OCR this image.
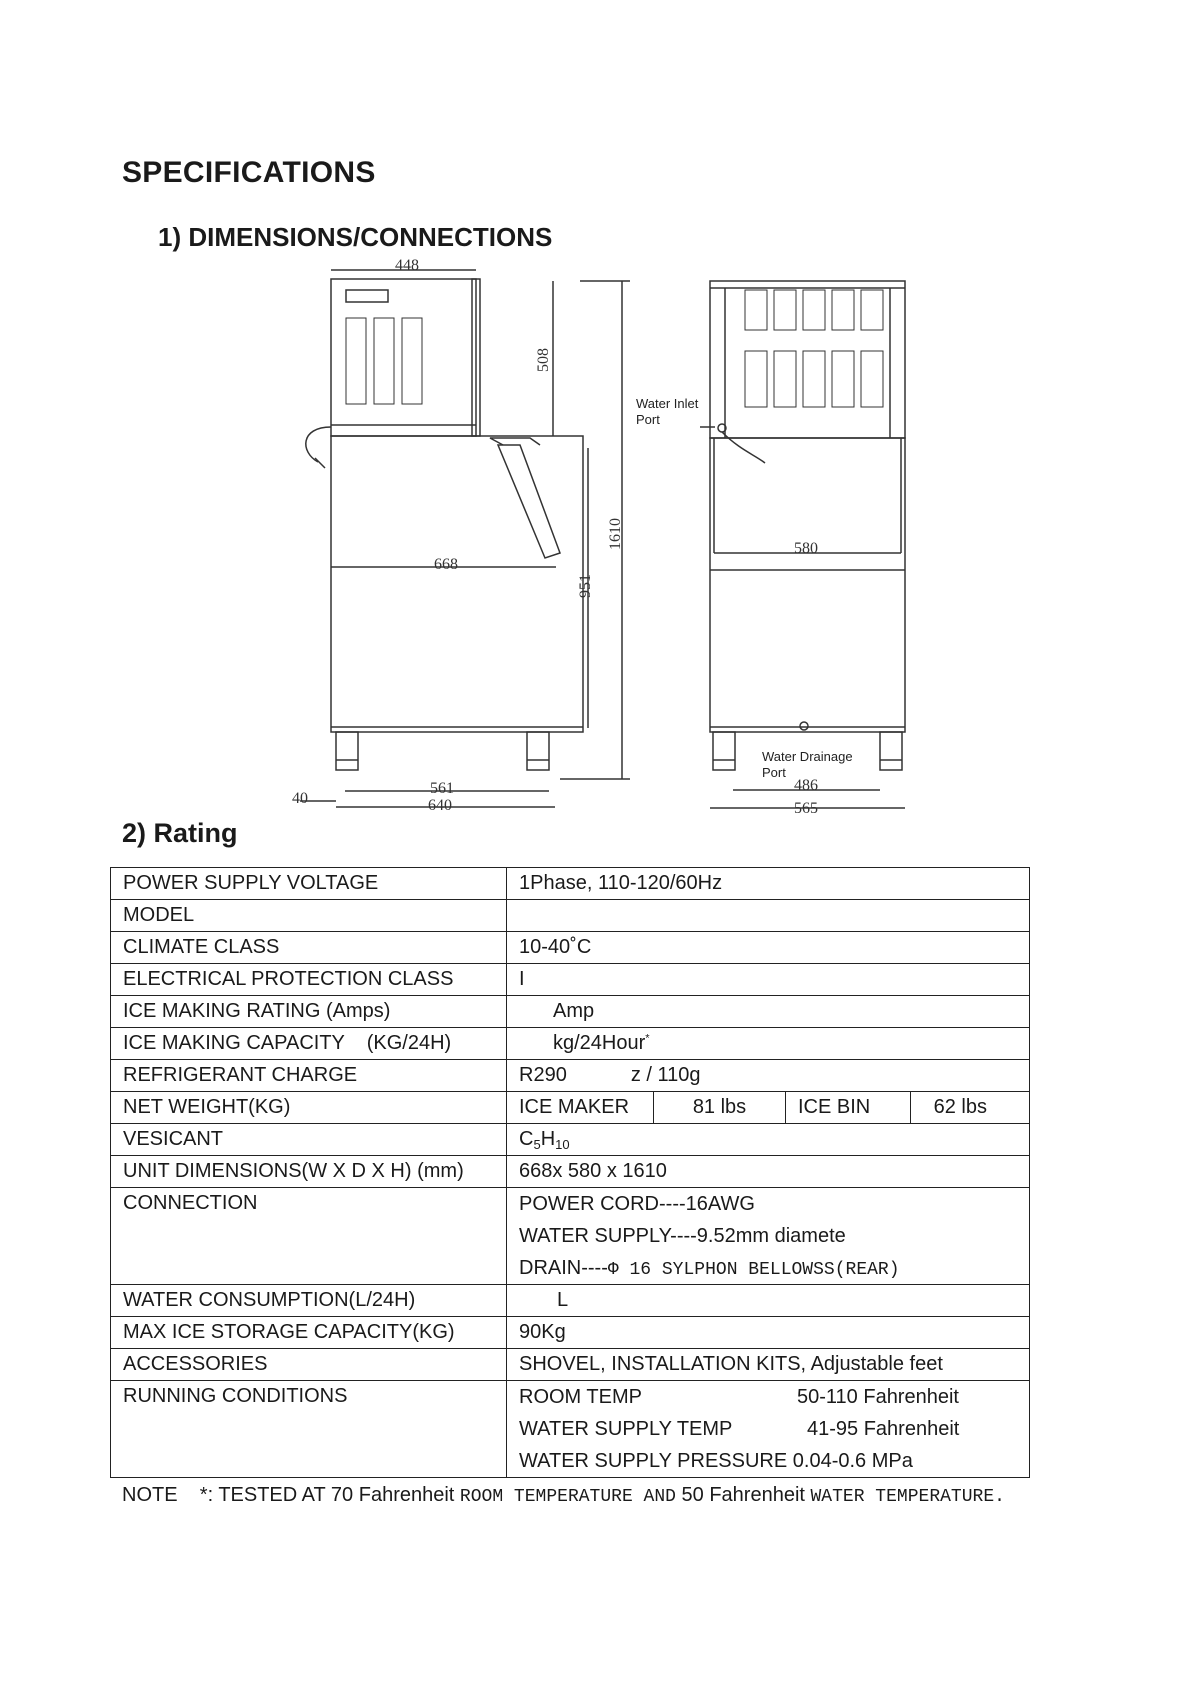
SPECIFICATIONS
1) DIMENSIONS/CONNECTIONS
448
508
1610
668
951
561
640
40
580
486
565
Water Inlet
Port
Water Drainage
Port
2) Rating
POWER SUPPLY VOLTAGE	1Phase, 110-120/60Hz
MODEL	
CLIMATE CLASS	10-40˚C
ELECTRICAL PROTECTION CLASS	I
ICE MAKING RATING (Amps)	Amp
ICE MAKING CAPACITY    (KG/24H)	kg/24Hour*
REFRIGERANT CHARGE	R290 z / 110g
NET WEIGHT(KG)	ICE MAKER 81 lbs ICE BIN 62 lbs

VESICANT	$C_5H_{10}$
UNIT DIMENSIONS(W X D X H) (mm)	668x 580 x 1610
CONNECTION	POWER CORD----16AWG
WATER SUPPLY----9.52mm diamete
DRAIN----Φ 16 SYLPHON BELLOWSS(REAR)

WATER CONSUMPTION(L/24H)	L
MAX ICE STORAGE CAPACITY(KG)	90Kg
ACCESSORIES	SHOVEL, INSTALLATION KITS, Adjustable feet
RUNNING CONDITIONS	ROOM TEMP 50-110 Fahrenheit
WATER SUPPLY TEMP 41-95 Fahrenheit
WATER SUPPLY PRESSURE 0.04-0.6 MPa
NOTE    *: TESTED AT 70 Fahrenheit ROOM TEMPERATURE AND 50 Fahrenheit WATER TEMPERATURE.
